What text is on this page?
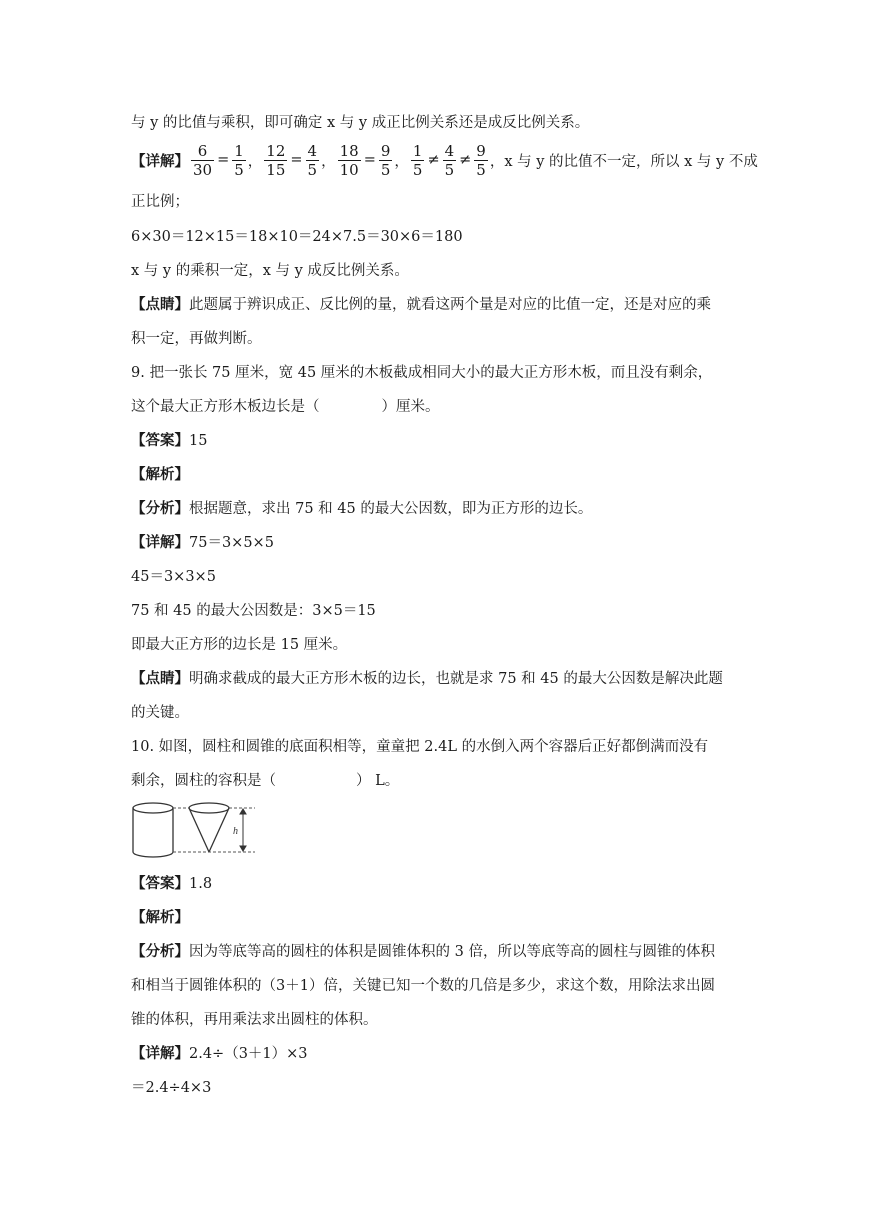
与 y 的比值与乘积，即可确定 x 与 y 成正比例关系还是成反比例关系。
【详解】 $\frac{6}{30} = \frac{1}{5}$ ， $\frac{12}{15} = \frac{4}{5}$ ， $\frac{18}{10} = \frac{9}{5}$ ， $\frac{1}{5} \ne \frac{4}{5} \ne \frac{9}{5}$ ，x 与 y 的比值不一定，所以 x 与 y 不成
正比例；
6×30＝12×15＝18×10＝24×7.5＝30×6＝180
x 与 y 的乘积一定，x 与 y 成反比例关系。
【点睛】此题属于辨识成正、反比例的量，就看这两个量是对应的比值一定，还是对应的乘
积一定，再做判断。
9. 把一张长 75 厘米，宽 45 厘米的木板截成相同大小的最大正方形木板，而且没有剩余，
这个最大正方形木板边长是（	）厘米。
【答案】15
【解析】
【分析】根据题意，求出 75 和 45 的最大公因数，即为正方形的边长。
【详解】75＝3×5×5
45＝3×3×5
75 和 45 的最大公因数是：3×5＝15
即最大正方形的边长是 15 厘米。
【点睛】明确求截成的最大正方形木板的边长，也就是求 75 和 45 的最大公因数是解决此题
的关键。
10. 如图，圆柱和圆锥的底面积相等，童童把 2.4L 的水倒入两个容器后正好都倒满而没有
剩余，圆柱的容积是（	） L。
h
【答案】1.8
【解析】
【分析】因为等底等高的圆柱的体积是圆锥体积的 3 倍，所以等底等高的圆柱与圆锥的体积
和相当于圆锥体积的（3＋1）倍，关键已知一个数的几倍是多少，求这个数，用除法求出圆
锥的体积，再用乘法求出圆柱的体积。
【详解】2.4÷（3＋1）×3
＝2.4÷4×3
